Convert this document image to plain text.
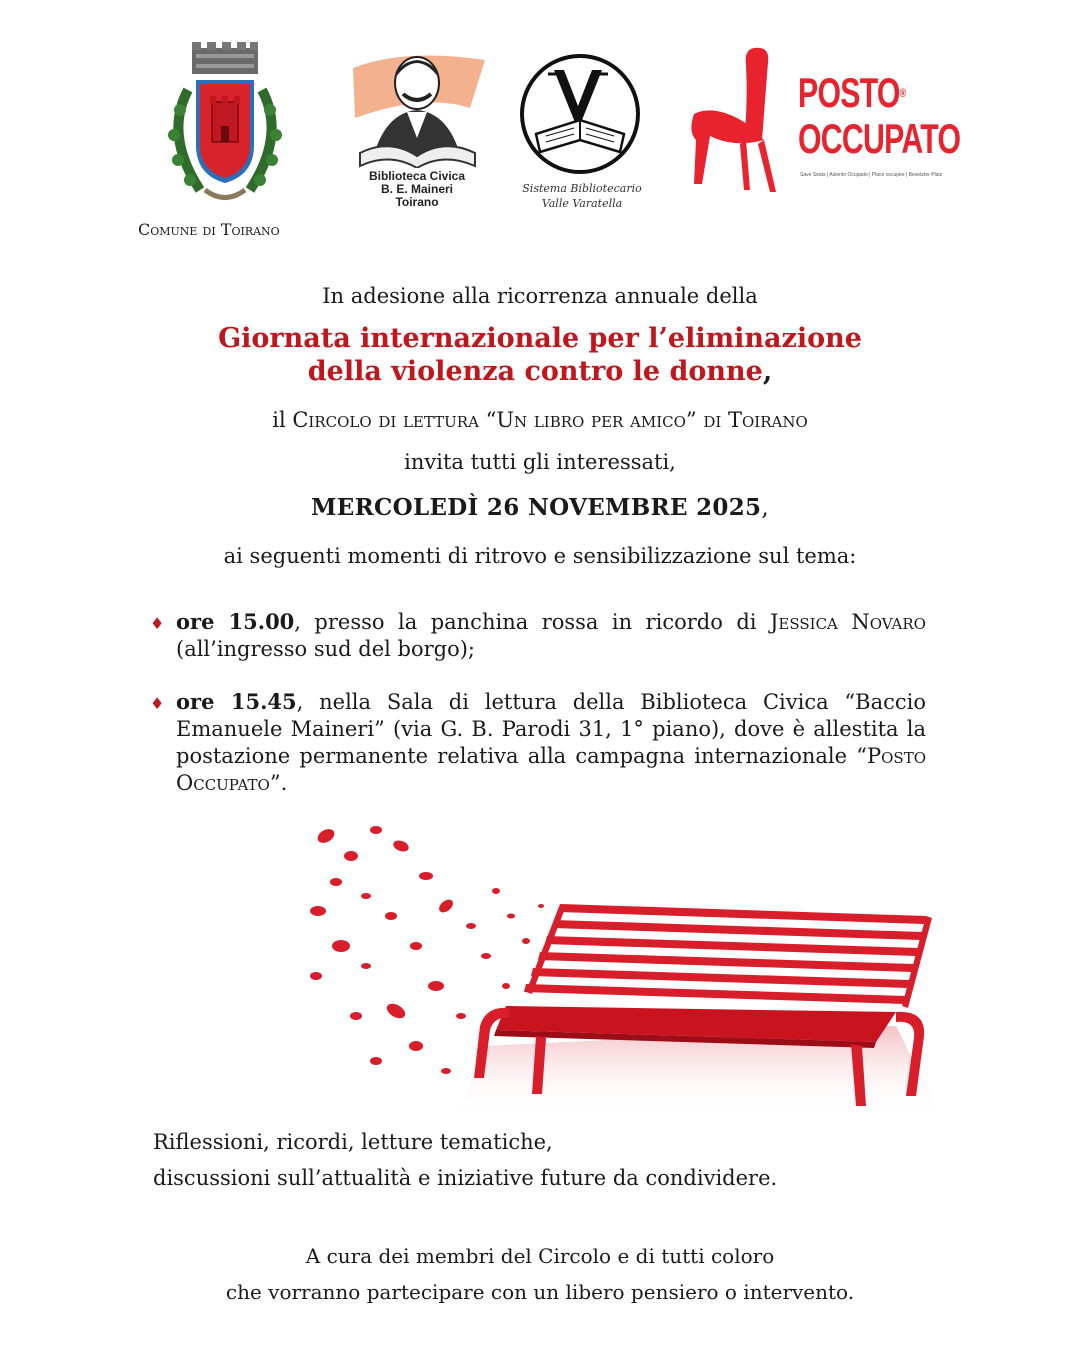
Comune di Toirano
Biblioteca Civica
B. E. Maineri
Toirano
Sistema Bibliotecario
Valle Varatella
POSTO®
OCCUPATO
Save Seats | Asiento Ocupado | Place occupée | Besetzter Platz
In adesione alla ricorrenza annuale della
Giornata internazionale per l’eliminazione
della violenza contro le donne,
il Circolo di lettura “Un libro per amico” di Toirano
invita tutti gli interessati,
MERCOLEDÌ 26 NOVEMBRE 2025,
ai seguenti momenti di ritrovo e sensibilizzazione sul tema:
♦ ore 15.00, presso la panchina rossa in ricordo di Jessica Novaro (all’ingresso sud del borgo);
♦ ore 15.45, nella Sala di lettura della Biblioteca Civica “Baccio Emanuele Maineri” (via G. B. Parodi 31, 1° piano), dove è allestita la postazione permanente relativa alla campagna internazionale “Posto Occupato”.
Riflessioni, ricordi, letture tematiche,
discussioni sull’attualità e iniziative future da condividere.
A cura dei membri del Circolo e di tutti coloro
che vorranno partecipare con un libero pensiero o intervento.
